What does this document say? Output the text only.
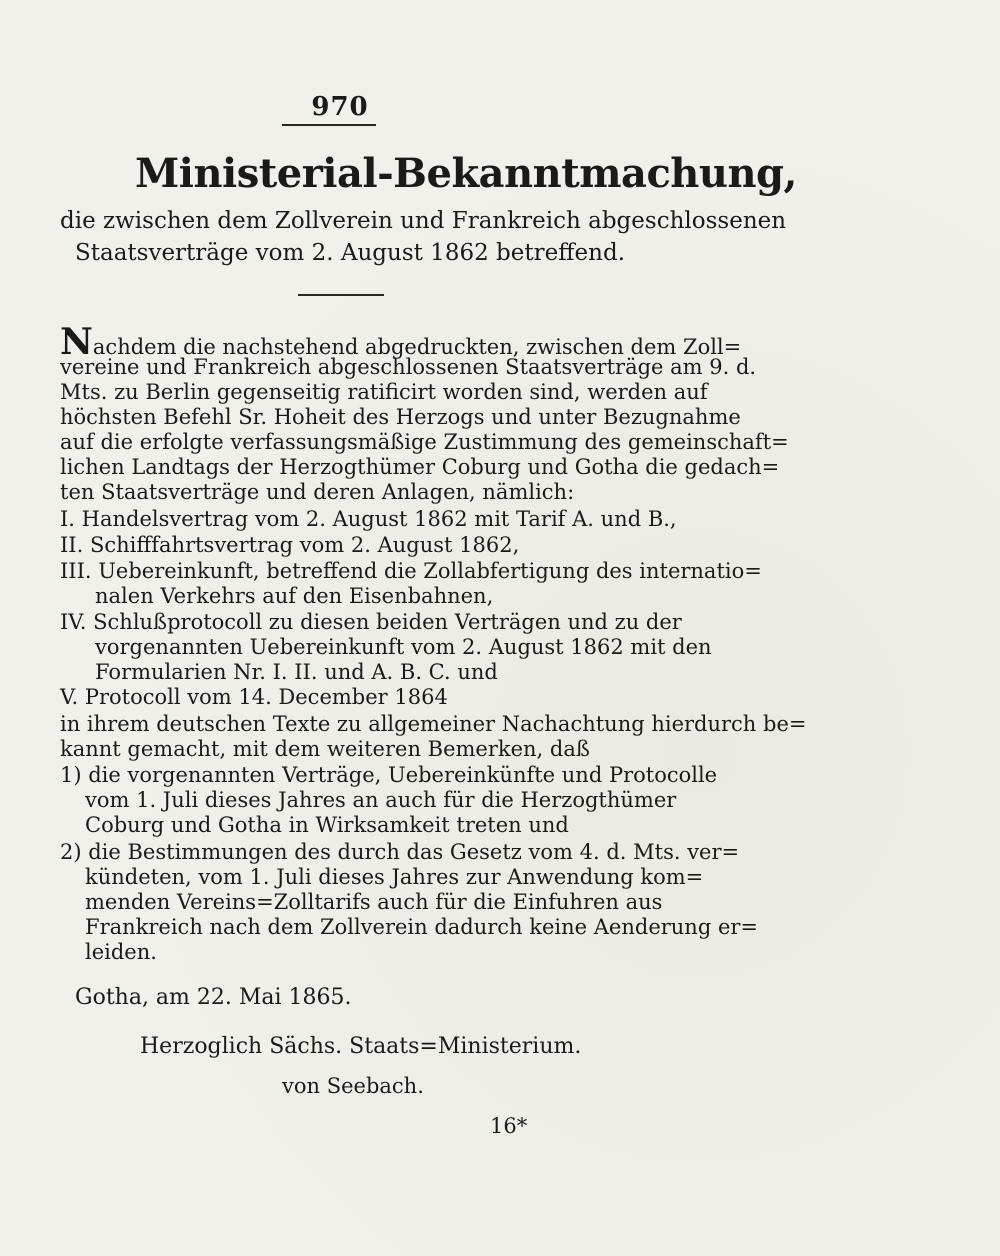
970
Ministerial-Bekanntmachung,
die zwischen dem Zollverein und Frankreich abgeschlossenen
Staatsverträge vom 2. August 1862 betreffend.
Nachdem die nachstehend abgedruckten, zwischen dem Zoll=
vereine und Frankreich abgeschlossenen Staatsverträge am 9. d.
Mts. zu Berlin gegenseitig ratificirt worden sind, werden auf
höchsten Befehl Sr. Hoheit des Herzogs und unter Bezugnahme
auf die erfolgte verfassungsmäßige Zustimmung des gemeinschaft=
lichen Landtags der Herzogthümer Coburg und Gotha die gedach=
ten Staatsverträge und deren Anlagen, nämlich:
I. Handelsvertrag vom 2. August 1862 mit Tarif A. und B.,
II. Schifffahrtsvertrag vom 2. August 1862,
III. Uebereinkunft, betreffend die Zollabfertigung des internatio=
nalen Verkehrs auf den Eisenbahnen,
IV. Schlußprotocoll zu diesen beiden Verträgen und zu der
vorgenannten Uebereinkunft vom 2. August 1862 mit den
Formularien Nr. I. II. und A. B. C. und
V. Protocoll vom 14. December 1864
in ihrem deutschen Texte zu allgemeiner Nachachtung hierdurch be=
kannt gemacht, mit dem weiteren Bemerken, daß
1) die vorgenannten Verträge, Uebereinkünfte und Protocolle
vom 1. Juli dieses Jahres an auch für die Herzogthümer
Coburg und Gotha in Wirksamkeit treten und
2) die Bestimmungen des durch das Gesetz vom 4. d. Mts. ver=
kündeten, vom 1. Juli dieses Jahres zur Anwendung kom=
menden Vereins=Zolltarifs auch für die Einfuhren aus
Frankreich nach dem Zollverein dadurch keine Aenderung er=
leiden.
Gotha, am 22. Mai 1865.
Herzoglich Sächs. Staats=Ministerium.
von Seebach.
16*
